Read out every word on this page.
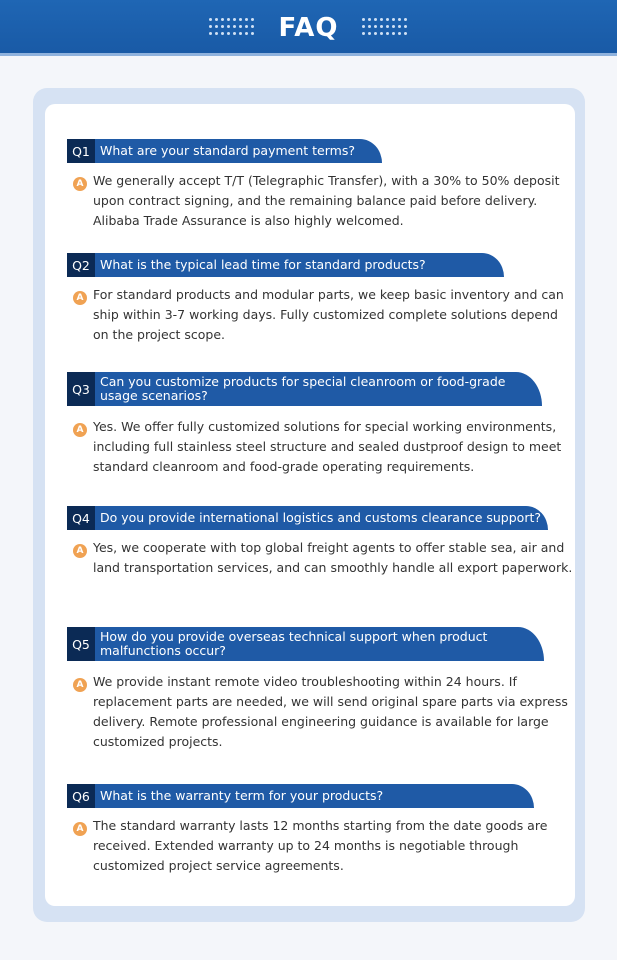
FAQ
Q1 What are your standard payment terms?
A We generally accept T/T (Telegraphic Transfer), with a 30% to 50% deposit upon contract signing, and the remaining balance paid before delivery. Alibaba Trade Assurance is also highly welcomed.
Q2 What is the typical lead time for standard products?
A For standard products and modular parts, we keep basic inventory and can ship within 3-7 working days. Fully customized complete solutions depend on the project scope.
Q3 Can you customize products for special cleanroom or food-grade usage scenarios?
A Yes. We offer fully customized solutions for special working environments, including full stainless steel structure and sealed dustproof design to meet standard cleanroom and food-grade operating requirements.
Q4 Do you provide international logistics and customs clearance support?
A Yes, we cooperate with top global freight agents to offer stable sea, air and land transportation services, and can smoothly handle all export paperwork.
Q5 How do you provide overseas technical support when product malfunctions occur?
A We provide instant remote video troubleshooting within 24 hours. If replacement parts are needed, we will send original spare parts via express delivery. Remote professional engineering guidance is available for large customized projects.
Q6 What is the warranty term for your products?
A The standard warranty lasts 12 months starting from the date goods are received. Extended warranty up to 24 months is negotiable through customized project service agreements.
